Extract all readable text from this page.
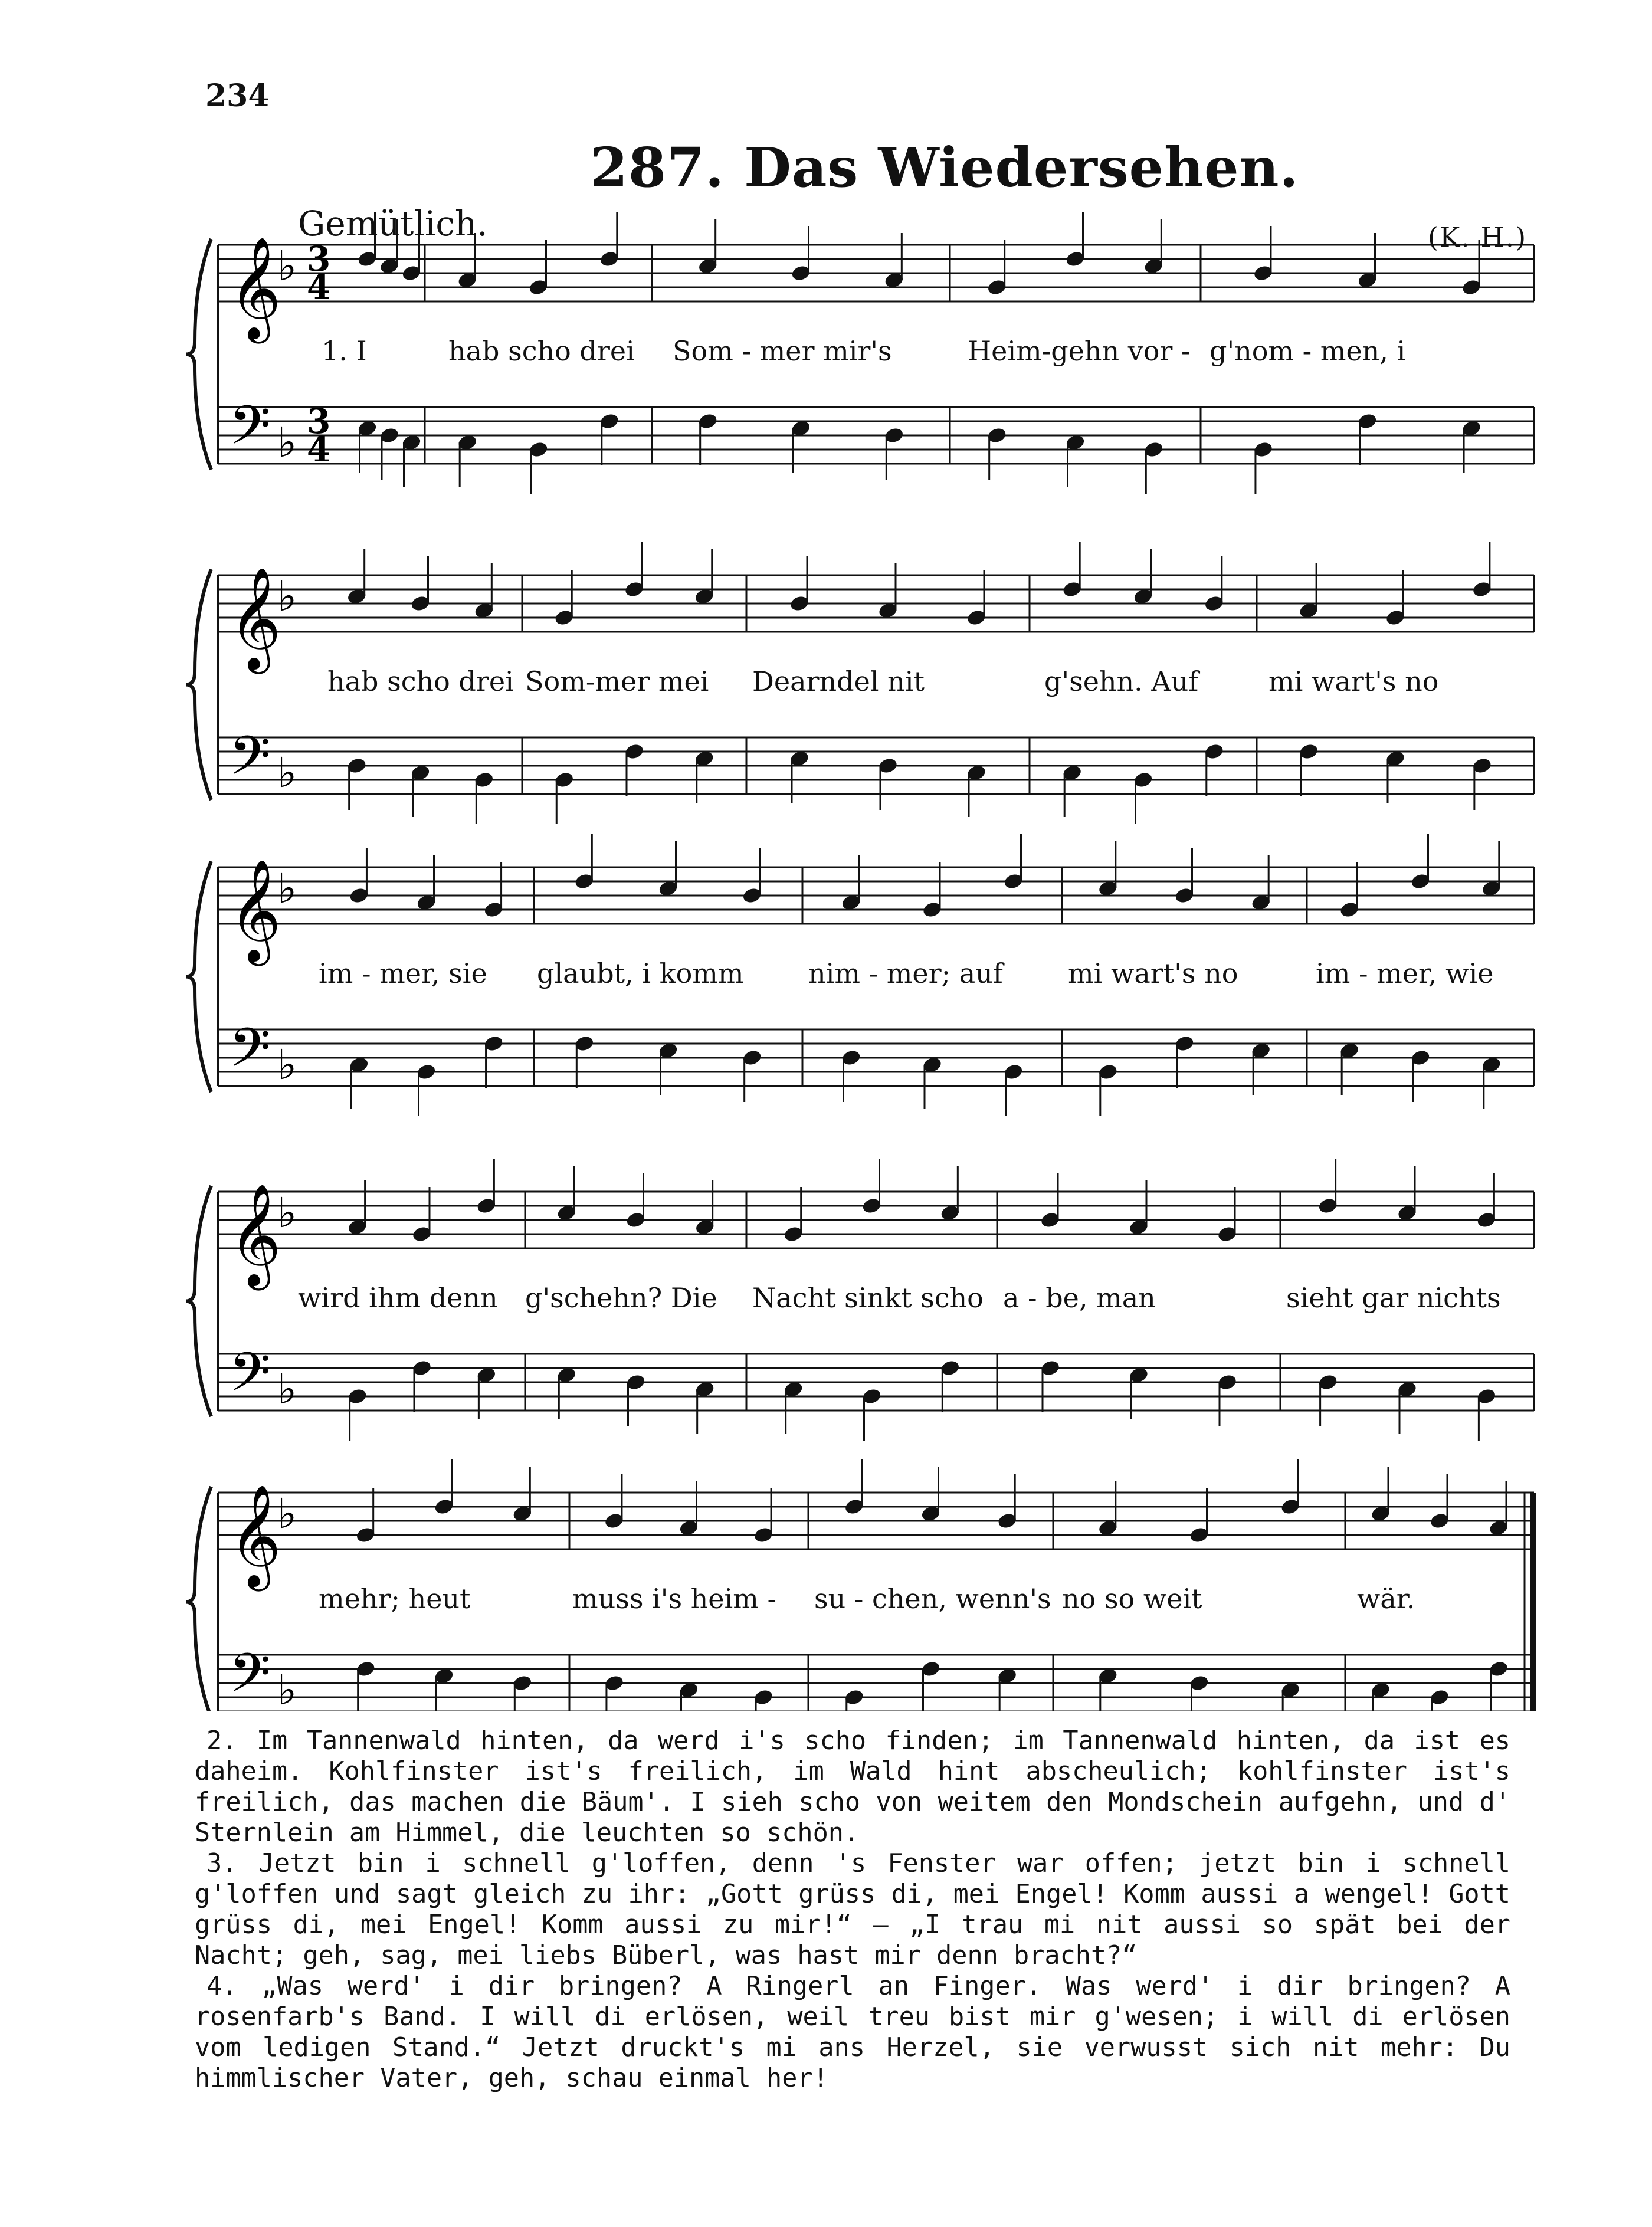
234
287. Das Wiedersehen.
Gemütlich.	(K. H.)
𝄞
𝄢
♭
♭
3
3
4
4
1. I	hab scho drei Som - mer mir's	Heim-gehn vor - g'nom - men, i
𝄞
𝄢
♭
♭
hab scho drei Som-mer mei Dearndel nit	g'sehn. Auf	mi wart's no
𝄞
𝄢
♭
♭
im - mer, sie glaubt, i komm nim - mer; auf mi wart's no	im - mer, wie
𝄞
𝄢
♭
♭
wird ihm denn g'schehn? Die Nacht sinkt scho a - be, man	sieht gar nichts
𝄞
𝄢
♭
♭
mehr; heut	muss i's heim - su - chen, wenn's no so weit	wär.

2. Im Tannenwald hinten, da werd i's scho finden; im Tannenwald hinten, da ist es daheim. Kohlfinster ist's freilich, im Wald hint abscheulich; kohlfinster ist's freilich, das machen die Bäum'. I sieh scho von weitem den Mondschein aufgehn, und d' Sternlein am Himmel, die leuchten so schön.

3. Jetzt bin i schnell g'loffen, denn 's Fenster war offen; jetzt bin i schnell g'loffen und sagt gleich zu ihr: „Gott grüss di, mei Engel! Komm aussi a wengel! Gott grüss di, mei Engel! Komm aussi zu mir!“ – „I trau mi nit aussi so spät bei der Nacht; geh, sag, mei liebs Büberl, was hast mir denn bracht?“

4. „Was werd' i dir bringen? A Ringerl an Finger. Was werd' i dir bringen? A rosenfarb's Band. I will di erlösen, weil treu bist mir g'wesen; i will di erlösen vom ledigen Stand.“ Jetzt druckt's mi ans Herzel, sie verwusst sich nit mehr: Du himmlischer Vater, geh, schau einmal her!
